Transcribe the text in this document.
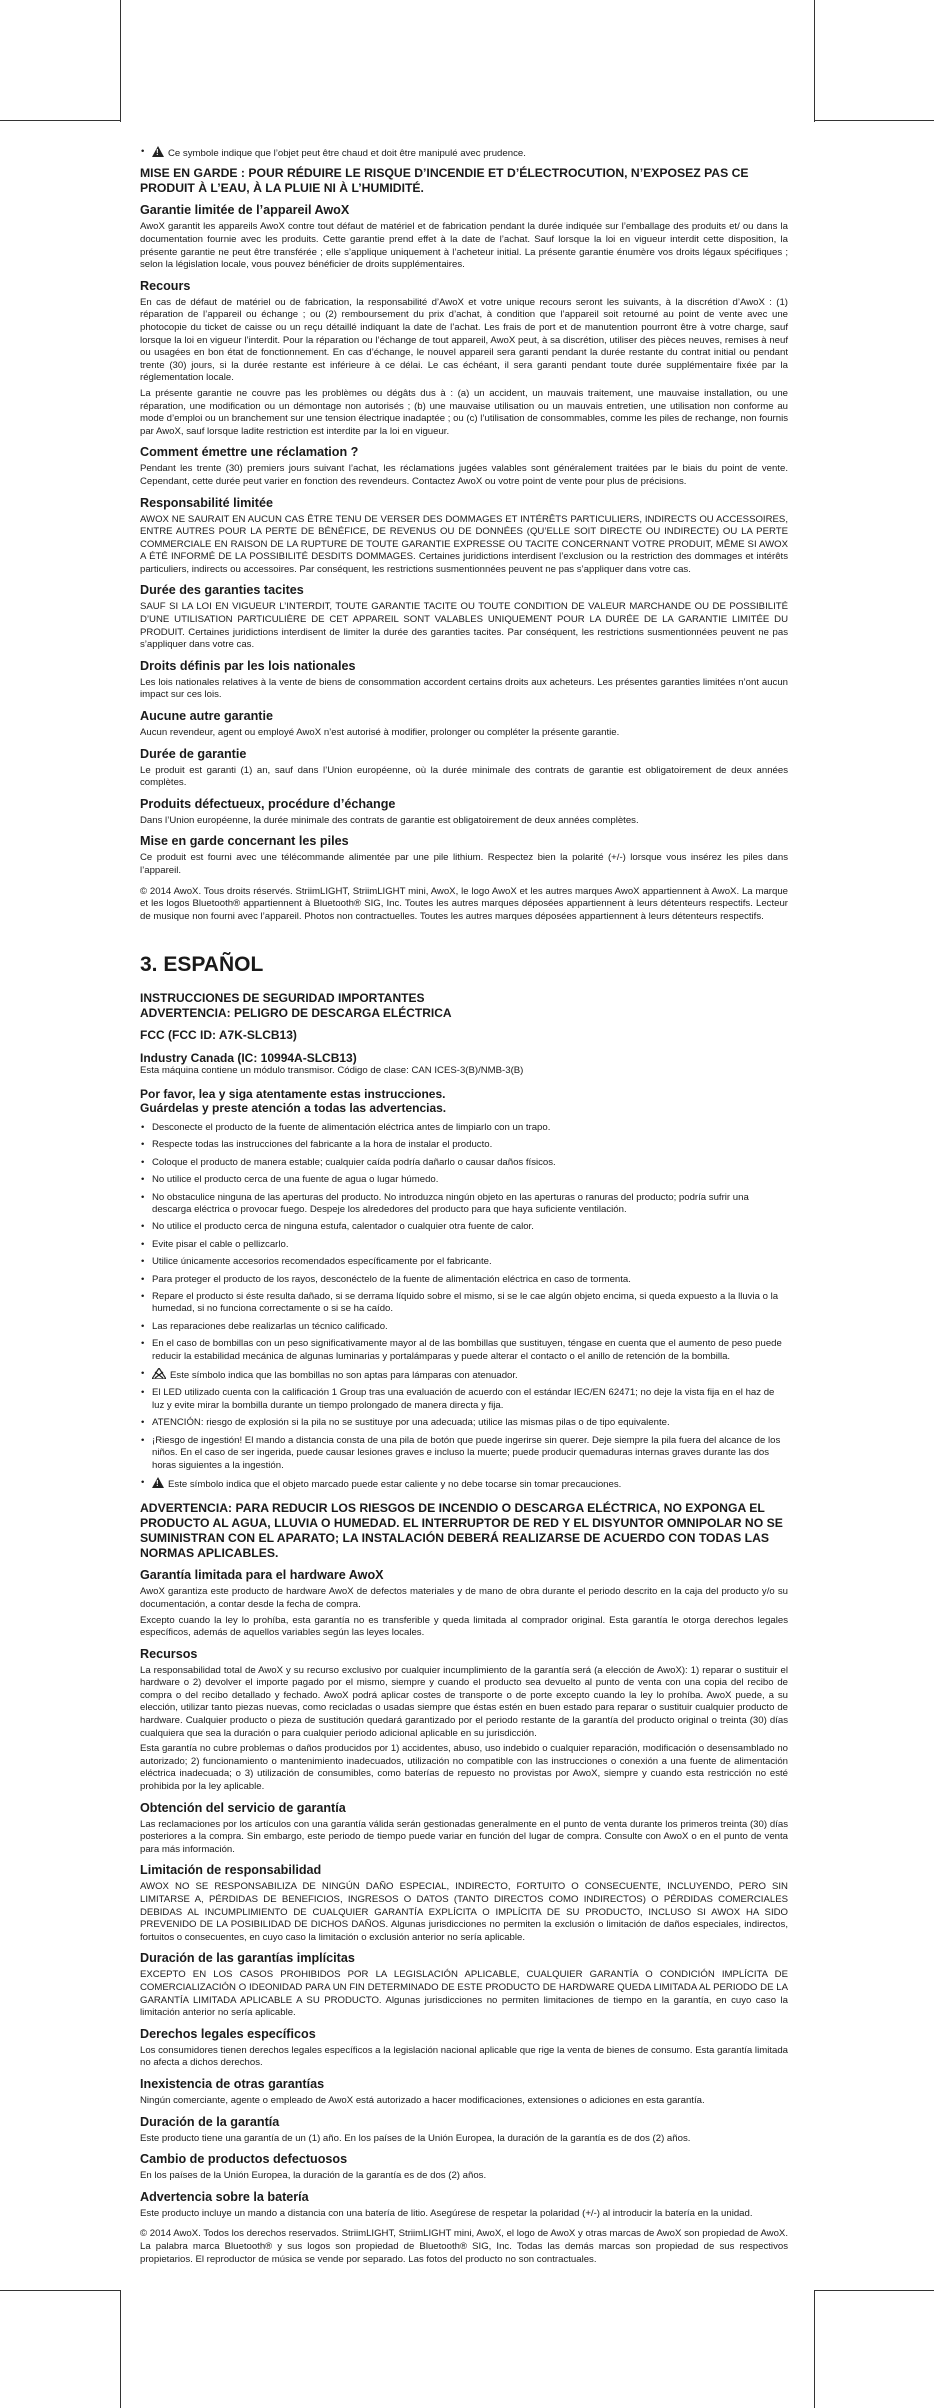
!• Ce symbole indique que l’objet peut être chaud et doit être manipulé avec prudence.
MISE EN GARDE : POUR RÉDUIRE LE RISQUE D’INCENDIE ET D’ÉLECTROCUTION, N’EXPOSEZ PAS CE PRODUIT À L’EAU, À LA PLUIE NI À L’HUMIDITÉ.
Garantie limitée de l’appareil AwoX

AwoX garantit les appareils AwoX contre tout défaut de matériel et de fabrication pendant la durée indiquée sur l’emballage des produits et/ ou dans la documentation fournie avec les produits. Cette garantie prend effet à la date de l’achat. Sauf lorsque la loi en vigueur interdit cette disposition, la présente garantie ne peut être transférée ; elle s’applique uniquement à l’acheteur initial. La présente garantie énumère vos droits légaux spécifiques ; selon la législation locale, vous pouvez bénéficier de droits supplémentaires.

Recours

En cas de défaut de matériel ou de fabrication, la responsabilité d’AwoX et votre unique recours seront les suivants, à la discrétion d’AwoX : (1) réparation de l’appareil ou échange ; ou (2) remboursement du prix d’achat, à condition que l’appareil soit retourné au point de vente avec une photocopie du ticket de caisse ou un reçu détaillé indiquant la date de l’achat. Les frais de port et de manutention pourront être à votre charge, sauf lorsque la loi en vigueur l’interdit. Pour la réparation ou l’échange de tout appareil, AwoX peut, à sa discrétion, utiliser des pièces neuves, remises à neuf ou usagées en bon état de fonctionnement. En cas d’échange, le nouvel appareil sera garanti pendant la durée restante du contrat initial ou pendant trente (30) jours, si la durée restante est inférieure à ce délai. Le cas échéant, il sera garanti pendant toute durée supplémentaire fixée par la réglementation locale.

La présente garantie ne couvre pas les problèmes ou dégâts dus à : (a) un accident, un mauvais traitement, une mauvaise installation, ou une réparation, une modification ou un démontage non autorisés ; (b) une mauvaise utilisation ou un mauvais entretien, une utilisation non conforme au mode d’emploi ou un branchement sur une tension électrique inadaptée ; ou (c) l’utilisation de consommables, comme les piles de rechange, non fournis par AwoX, sauf lorsque ladite restriction est interdite par la loi en vigueur.

Comment émettre une réclamation ?

Pendant les trente (30) premiers jours suivant l’achat, les réclamations jugées valables sont généralement traitées par le biais du point de vente. Cependant, cette durée peut varier en fonction des revendeurs. Contactez AwoX ou votre point de vente pour plus de précisions.

Responsabilité limitée

AWOX NE SAURAIT EN AUCUN CAS ÊTRE TENU DE VERSER DES DOMMAGES ET INTÉRÊTS PARTICULIERS, INDIRECTS OU ACCESSOIRES, ENTRE AUTRES POUR LA PERTE DE BÉNÉFICE, DE REVENUS OU DE DONNÉES (QU’ELLE SOIT DIRECTE OU INDIRECTE) OU LA PERTE COMMERCIALE EN RAISON DE LA RUPTURE DE TOUTE GARANTIE EXPRESSE OU TACITE CONCERNANT VOTRE PRODUIT, MÊME SI AWOX A ÉTÉ INFORMÉ DE LA POSSIBILITÉ DESDITS DOMMAGES. Certaines juridictions interdisent l’exclusion ou la restriction des dommages et intérêts particuliers, indirects ou accessoires. Par conséquent, les restrictions susmentionnées peuvent ne pas s’appliquer dans votre cas.

Durée des garanties tacites

SAUF SI LA LOI EN VIGUEUR L’INTERDIT, TOUTE GARANTIE TACITE OU TOUTE CONDITION DE VALEUR MARCHANDE OU DE POSSIBILITÉ D’UNE UTILISATION PARTICULIÈRE DE CET APPAREIL SONT VALABLES UNIQUEMENT POUR LA DURÉE DE LA GARANTIE LIMITÉE DU PRODUIT. Certaines juridictions interdisent de limiter la durée des garanties tacites. Par conséquent, les restrictions susmentionnées peuvent ne pas s’appliquer dans votre cas.

Droits définis par les lois nationales

Les lois nationales relatives à la vente de biens de consommation accordent certains droits aux acheteurs. Les présentes garanties limitées n’ont aucun impact sur ces lois.

Aucune autre garantie

Aucun revendeur, agent ou employé AwoX n’est autorisé à modifier, prolonger ou compléter la présente garantie.

Durée de garantie

Le produit est garanti (1) an, sauf dans l’Union européenne, où la durée minimale des contrats de garantie est obligatoirement de deux années complètes.

Produits défectueux, procédure d’échange

Dans l’Union européenne, la durée minimale des contrats de garantie est obligatoirement de deux années complètes.

Mise en garde concernant les piles

Ce produit est fourni avec une télécommande alimentée par une pile lithium. Respectez bien la polarité (+/-) lorsque vous insérez les piles dans l’appareil.

© 2014 AwoX. Tous droits réservés. StriimLIGHT, StriimLIGHT mini, AwoX, le logo AwoX et les autres marques AwoX appartiennent à AwoX. La marque et les logos Bluetooth® appartiennent à Bluetooth® SIG, Inc. Toutes les autres marques déposées appartiennent à leurs détenteurs respectifs. Lecteur de musique non fourni avec l’appareil. Photos non contractuelles. Toutes les autres marques déposées appartiennent à leurs détenteurs respectifs.

3. ESPAÑOL
INSTRUCCIONES DE SEGURIDAD IMPORTANTES
ADVERTENCIA: PELIGRO DE DESCARGA ELÉCTRICA
FCC (FCC ID: A7K-SLCB13)
Industry Canada (IC: 10994A-SLCB13)

Esta máquina contiene un módulo transmisor. Código de clase: CAN ICES-3(B)/NMB-3(B)

Por favor, lea y siga atentamente estas instrucciones.
Guárdelas y preste atención a todas las advertencias.
• Desconecte el producto de la fuente de alimentación eléctrica antes de limpiarlo con un trapo.
• Respecte todas las instrucciones del fabricante a la hora de instalar el producto.
• Coloque el producto de manera estable; cualquier caída podría dañarlo o causar daños físicos.
• No utilice el producto cerca de una fuente de agua o lugar húmedo.
• No obstaculice ninguna de las aperturas del producto. No introduzca ningún objeto en las aperturas o ranuras del producto; podría sufrir una descarga eléctrica o provocar fuego. Despeje los alrededores del producto para que haya suficiente ventilación.
• No utilice el producto cerca de ninguna estufa, calentador o cualquier otra fuente de calor.
• Evite pisar el cable o pellizcarlo.
• Utilice únicamente accesorios recomendados específicamente por el fabricante.
• Para proteger el producto de los rayos, desconéctelo de la fuente de alimentación eléctrica en caso de tormenta.
• Repare el producto si éste resulta dañado, si se derrama líquido sobre el mismo, si se le cae algún objeto encima, si queda expuesto a la lluvia o la humedad, si no funciona correctamente o si se ha caído.
• Las reparaciones debe realizarlas un técnico calificado.
• En el caso de bombillas con un peso significativamente mayor al de las bombillas que sustituyen, téngase en cuenta que el aumento de peso puede reducir la estabilidad mecánica de algunas luminarias y portalámparas y puede alterar el contacto o el anillo de retención de la bombilla.
• Este símbolo indica que las bombillas no son aptas para lámparas con atenuador.
• El LED utilizado cuenta con la calificación 1 Group tras una evaluación de acuerdo con el estándar IEC/EN 62471; no deje la vista fija en el haz de luz y evite mirar la bombilla durante un tiempo prolongado de manera directa y fija.
• ATENCIÓN: riesgo de explosión si la pila no se sustituye por una adecuada; utilice las mismas pilas o de tipo equivalente.
• ¡Riesgo de ingestión! El mando a distancia consta de una pila de botón que puede ingerirse sin querer. Deje siempre la pila fuera del alcance de los niños. En el caso de ser ingerida, puede causar lesiones graves e incluso la muerte; puede producir quemaduras internas graves durante las dos horas siguientes a la ingestión.
!• Este símbolo indica que el objeto marcado puede estar caliente y no debe tocarse sin tomar precauciones.
ADVERTENCIA: PARA REDUCIR LOS RIESGOS DE INCENDIO O DESCARGA ELÉCTRICA, NO EXPONGA EL PRODUCTO AL AGUA, LLUVIA O HUMEDAD. EL INTERRUPTOR DE RED Y EL DISYUNTOR OMNIPOLAR NO SE SUMINISTRAN CON EL APARATO; LA INSTALACIÓN DEBERÁ REALIZARSE DE ACUERDO CON TODAS LAS NORMAS APLICABLES.
Garantía limitada para el hardware AwoX

AwoX garantiza este producto de hardware AwoX de defectos materiales y de mano de obra durante el periodo descrito en la caja del producto y/o su documentación, a contar desde la fecha de compra.

Excepto cuando la ley lo prohíba, esta garantía no es transferible y queda limitada al comprador original. Esta garantía le otorga derechos legales específicos, además de aquellos variables según las leyes locales.

Recursos

La responsabilidad total de AwoX y su recurso exclusivo por cualquier incumplimiento de la garantía será (a elección de AwoX): 1) reparar o sustituir el hardware o 2) devolver el importe pagado por el mismo, siempre y cuando el producto sea devuelto al punto de venta con una copia del recibo de compra o del recibo detallado y fechado. AwoX podrá aplicar costes de transporte o de porte excepto cuando la ley lo prohíba. AwoX puede, a su elección, utilizar tanto piezas nuevas, como recicladas o usadas siempre que éstas estén en buen estado para reparar o sustituir cualquier producto de hardware. Cualquier producto o pieza de sustitución quedará garantizado por el periodo restante de la garantía del producto original o treinta (30) días cualquiera que sea la duración o para cualquier periodo adicional aplicable en su jurisdicción.

Esta garantía no cubre problemas o daños producidos por 1) accidentes, abuso, uso indebido o cualquier reparación, modificación o desensamblado no autorizado; 2) funcionamiento o mantenimiento inadecuados, utilización no compatible con las instrucciones o conexión a una fuente de alimentación eléctrica inadecuada; o 3) utilización de consumibles, como baterías de repuesto no provistas por AwoX, siempre y cuando esta restricción no esté prohibida por la ley aplicable.

Obtención del servicio de garantía

Las reclamaciones por los artículos con una garantía válida serán gestionadas generalmente en el punto de venta durante los primeros treinta (30) días posteriores a la compra. Sin embargo, este periodo de tiempo puede variar en función del lugar de compra. Consulte con AwoX o en el punto de venta para más información.

Limitación de responsabilidad

AWOX NO SE RESPONSABILIZA DE NINGÚN DAÑO ESPECIAL, INDIRECTO, FORTUITO O CONSECUENTE, INCLUYENDO, PERO SIN LIMITARSE A, PÉRDIDAS DE BENEFICIOS, INGRESOS O DATOS (TANTO DIRECTOS COMO INDIRECTOS) O PÉRDIDAS COMERCIALES DEBIDAS AL INCUMPLIMIENTO DE CUALQUIER GARANTÍA EXPLÍCITA O IMPLÍCITA DE SU PRODUCTO, INCLUSO SI AWOX HA SIDO PREVENIDO DE LA POSIBILIDAD DE DICHOS DAÑOS. Algunas jurisdicciones no permiten la exclusión o limitación de daños especiales, indirectos, fortuitos o consecuentes, en cuyo caso la limitación o exclusión anterior no sería aplicable.

Duración de las garantías implícitas

EXCEPTO EN LOS CASOS PROHIBIDOS POR LA LEGISLACIÓN APLICABLE, CUALQUIER GARANTÍA O CONDICIÓN IMPLÍCITA DE COMERCIALIZACIÓN O IDEONIDAD PARA UN FIN DETERMINADO DE ESTE PRODUCTO DE HARDWARE QUEDA LIMITADA AL PERIODO DE LA GARANTÍA LIMITADA APLICABLE A SU PRODUCTO. Algunas jurisdicciones no permiten limitaciones de tiempo en la garantía, en cuyo caso la limitación anterior no sería aplicable.

Derechos legales específicos

Los consumidores tienen derechos legales específicos a la legislación nacional aplicable que rige la venta de bienes de consumo. Esta garantía limitada no afecta a dichos derechos.

Inexistencia de otras garantías

Ningún comerciante, agente o empleado de AwoX está autorizado a hacer modificaciones, extensiones o adiciones en esta garantía.

Duración de la garantía

Este producto tiene una garantía de un (1) año. En los países de la Unión Europea, la duración de la garantía es de dos (2) años.

Cambio de productos defectuosos

En los países de la Unión Europea, la duración de la garantía es de dos (2) años.

Advertencia sobre la batería

Este producto incluye un mando a distancia con una batería de litio. Asegúrese de respetar la polaridad (+/-) al introducir la batería en la unidad.

© 2014 AwoX. Todos los derechos reservados. StriimLIGHT, StriimLIGHT mini, AwoX, el logo de AwoX y otras marcas de AwoX son propiedad de AwoX. La palabra marca Bluetooth® y sus logos son propiedad de Bluetooth® SIG, Inc. Todas las demás marcas son propiedad de sus respectivos propietarios. El reproductor de música se vende por separado. Las fotos del producto no son contractuales.
